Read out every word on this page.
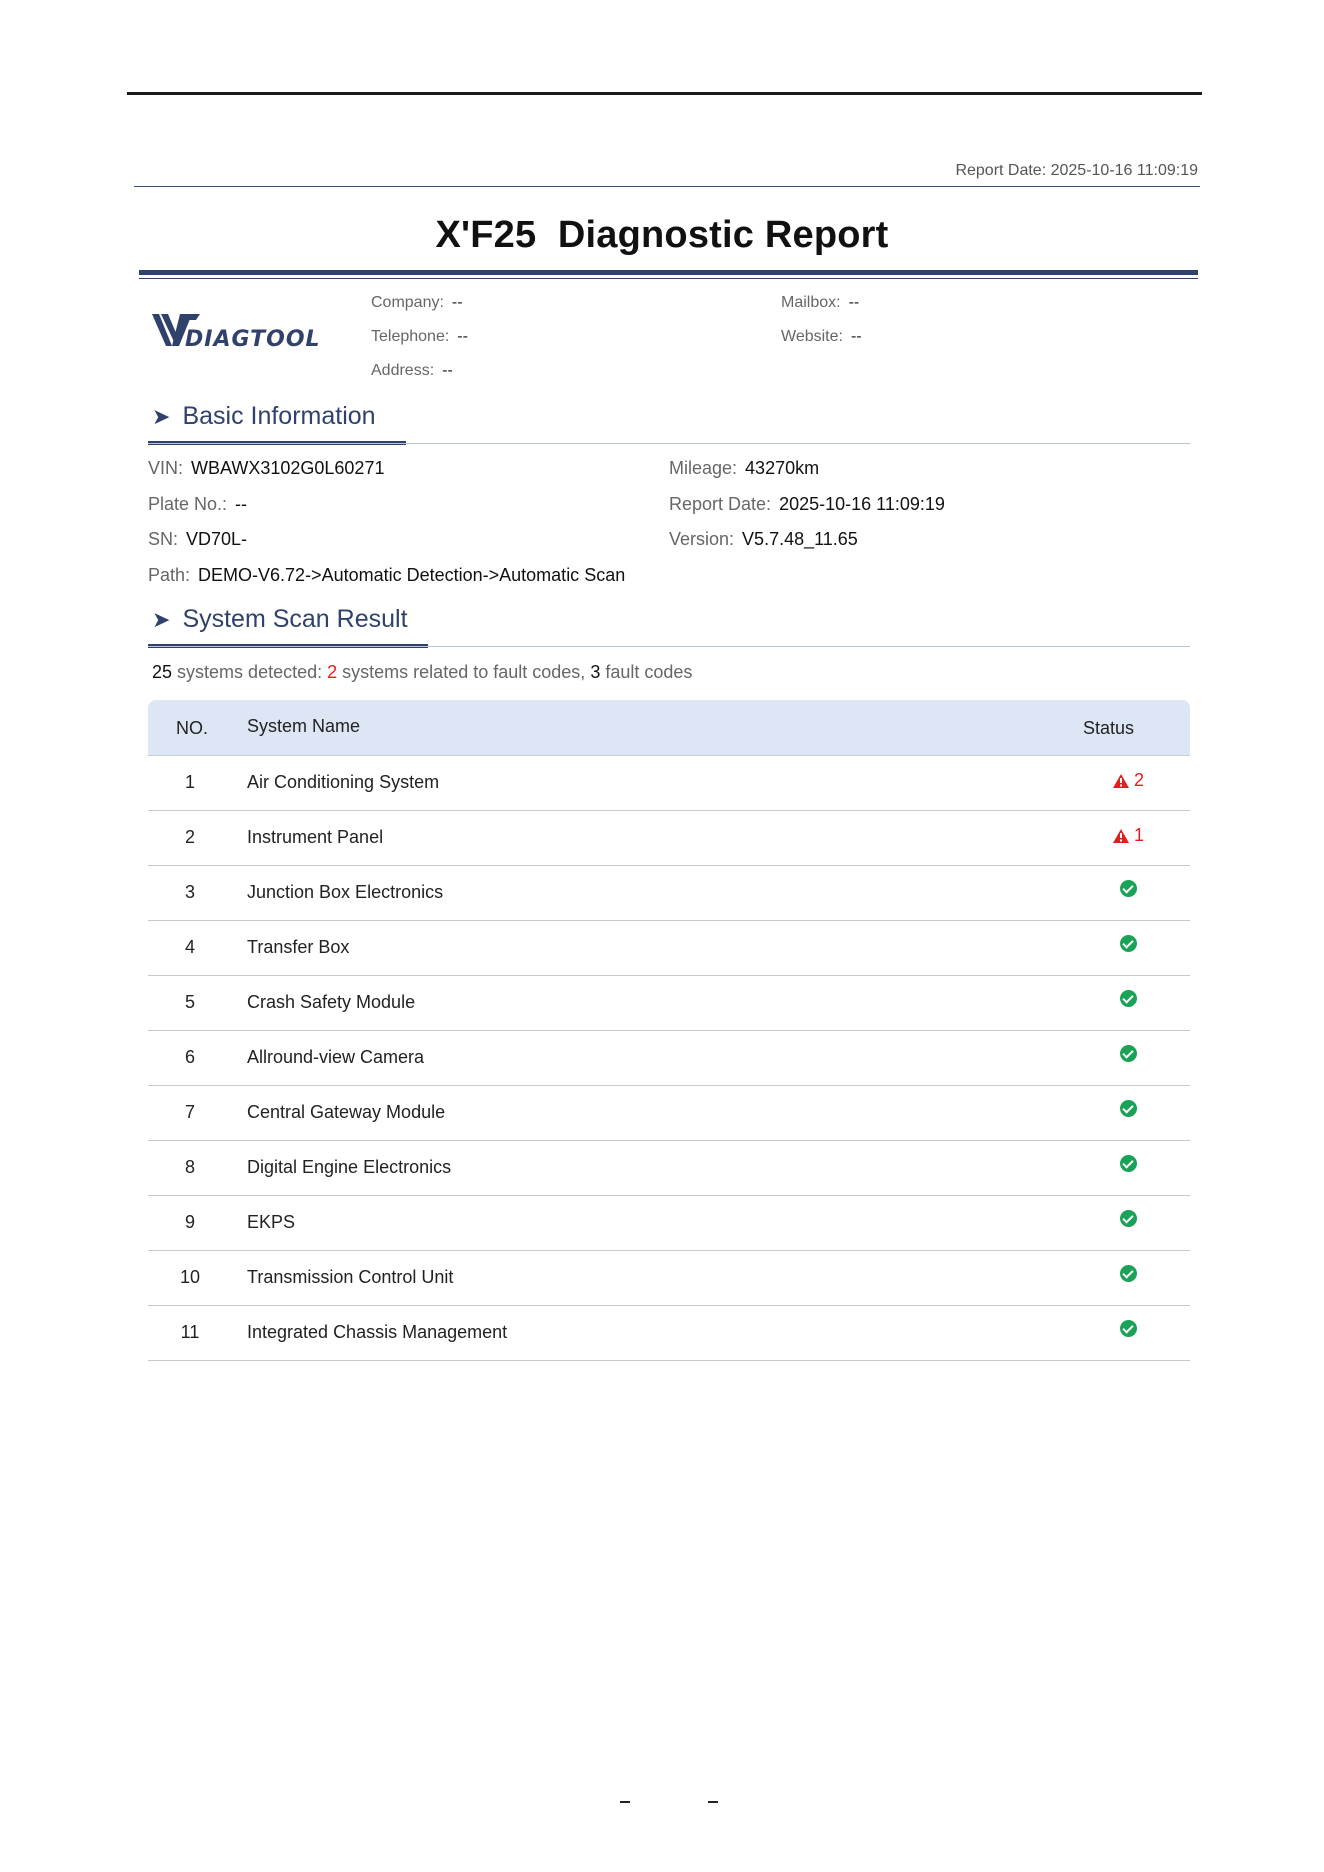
Report Date: 2025-10-16 11:09:19
X'F25  Diagnostic Report
DIAGTOOL
Company: --
Telephone: --
Address: --
Mailbox: --
Website: --
➤ Basic Information
VIN: WBAWX3102G0L60271
Plate No.: --
SN: VD70L-
Path: DEMO-V6.72->Automatic Detection->Automatic Scan
Mileage: 43270km
Report Date: 2025-10-16 11:09:19
Version: V5.7.48_11.65
➤ System Scan Result
25 systems detected: 2 systems related to fault codes, 3 fault codes
NO. System Name	Status
1	Air Conditioning System	2
2	Instrument Panel	1
3	Junction Box Electronics
4	Transfer Box
5	Crash Safety Module
6	Allround-view Camera
7	Central Gateway Module
8	Digital Engine Electronics
9	EKPS
10	Transmission Control Unit
11	Integrated Chassis Management
